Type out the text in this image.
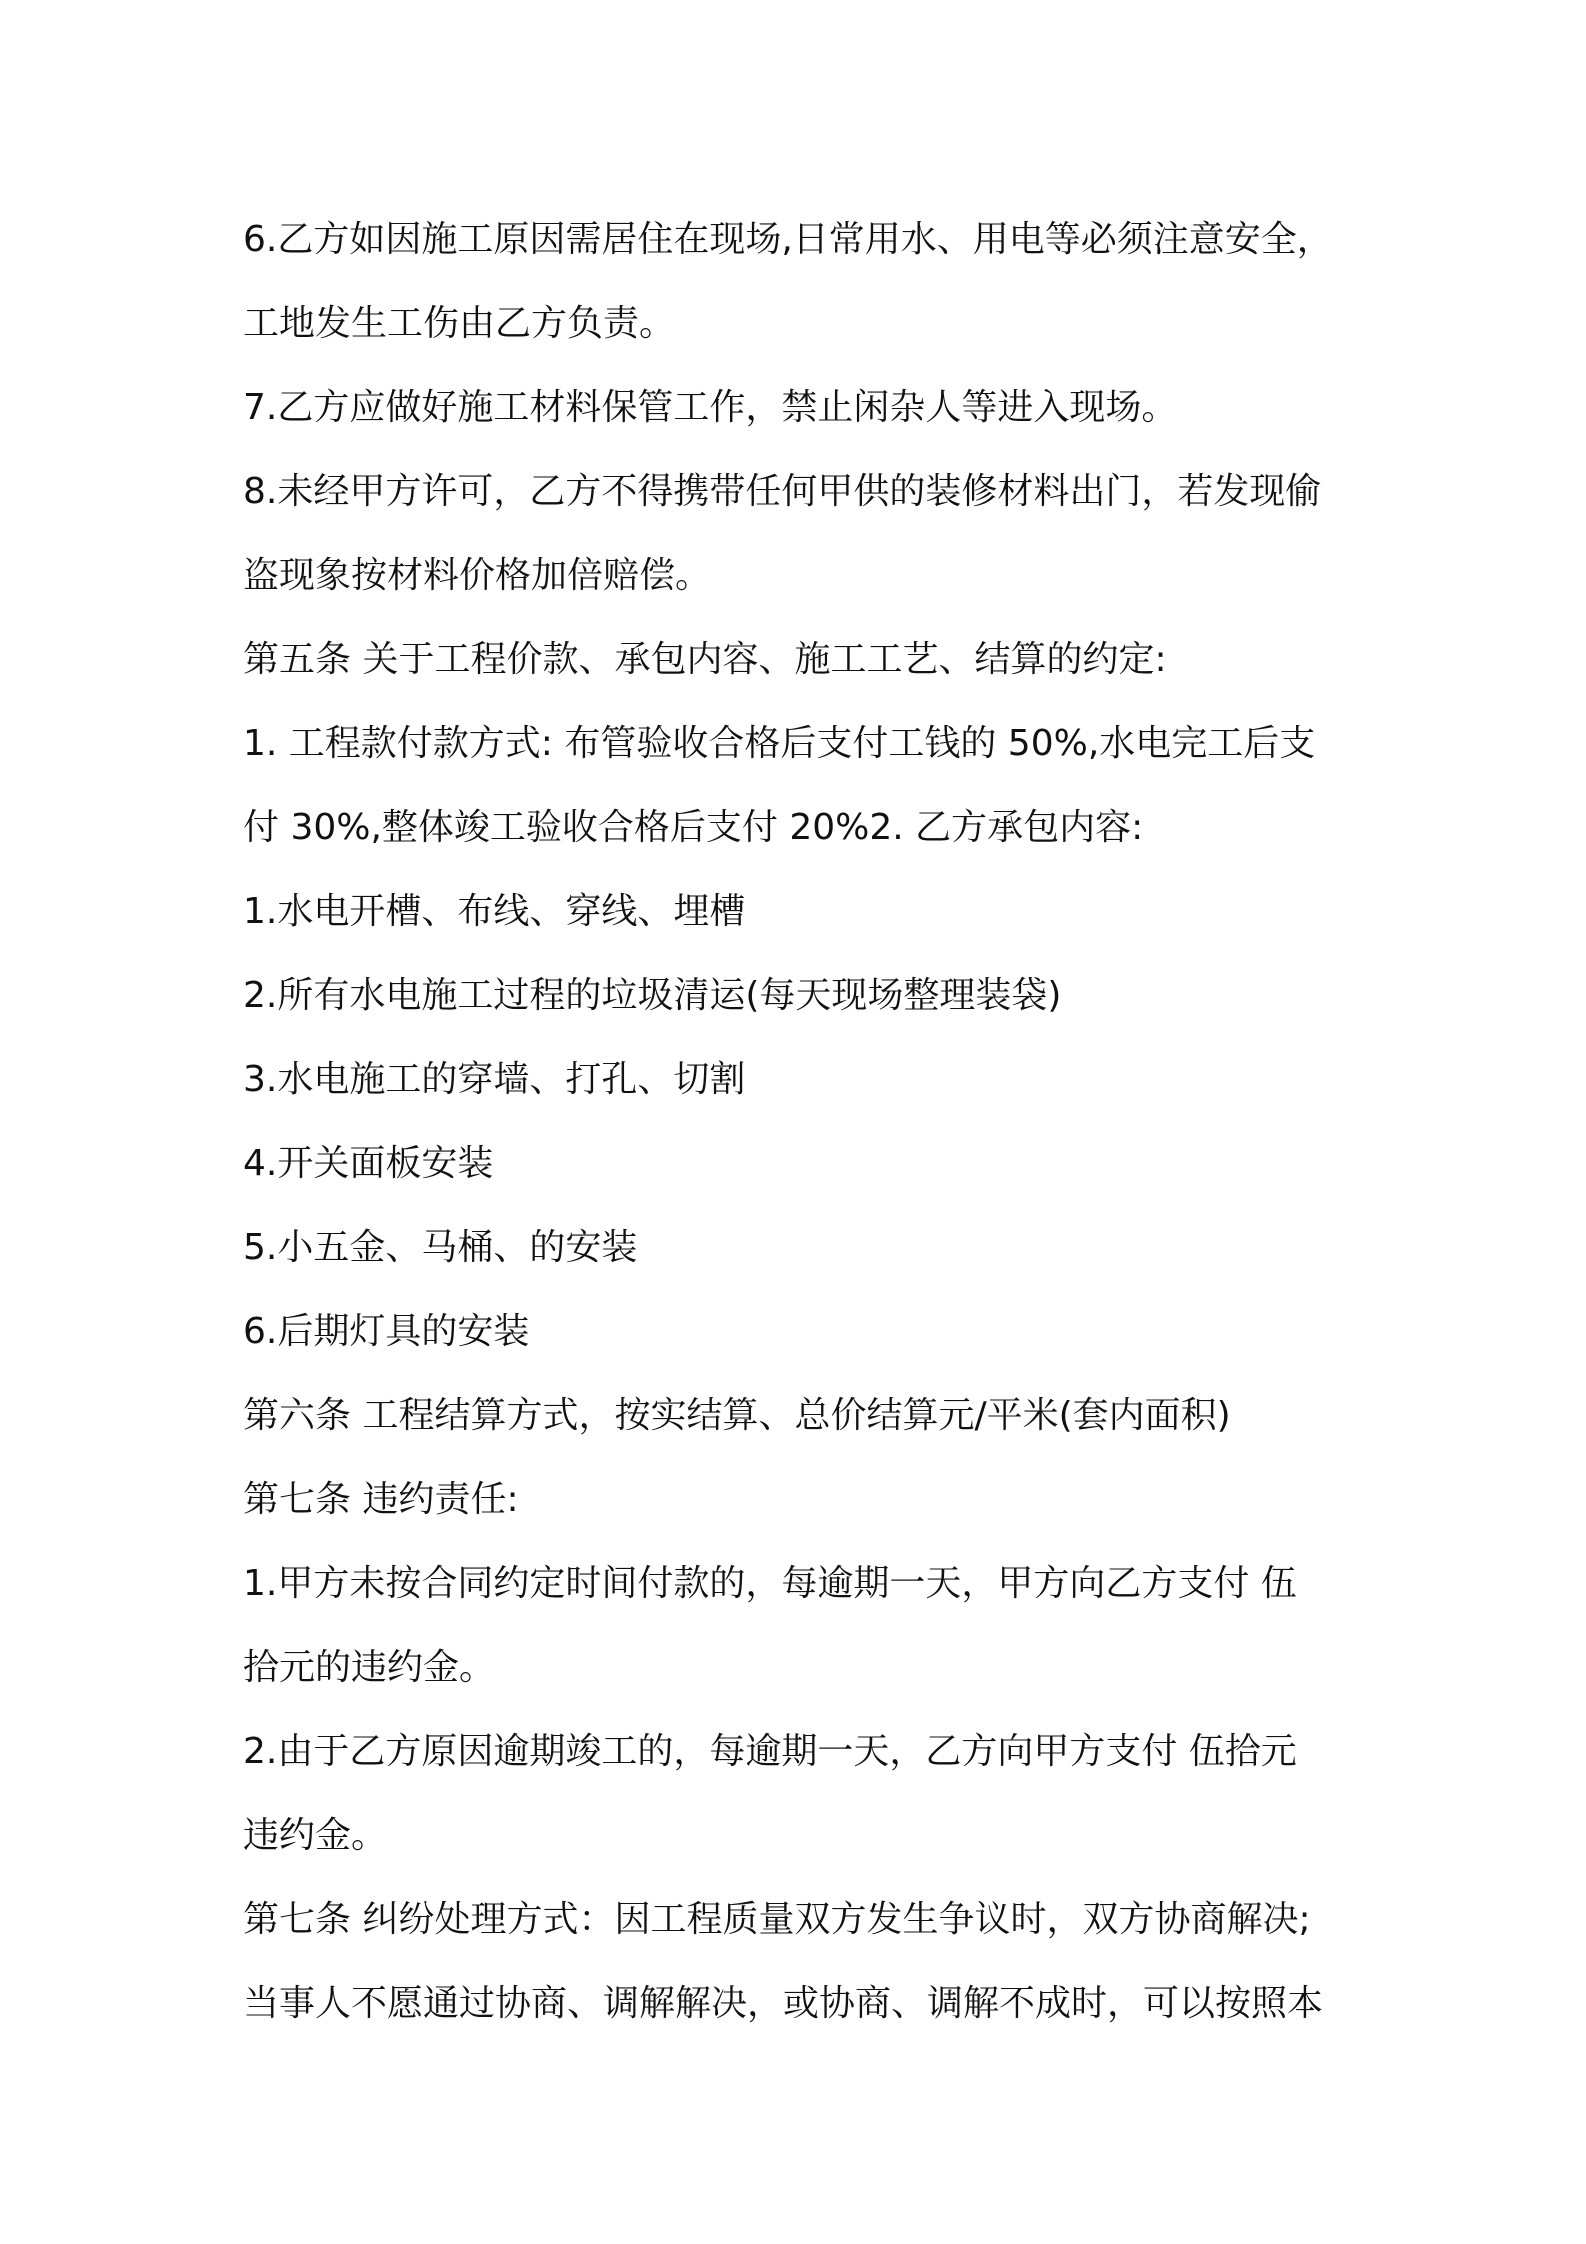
6.乙方如因施工原因需居住在现场,日常用水、用电等必须注意安全，
工地发生工伤由乙方负责。
7.乙方应做好施工材料保管工作，禁止闲杂人等进入现场。
8.未经甲方许可，乙方不得携带任何甲供的装修材料出门，若发现偷
盗现象按材料价格加倍赔偿。
第五条 关于工程价款、承包内容、施工工艺、结算的约定:
1. 工程款付款方式: 布管验收合格后支付工钱的 50%,水电完工后支
付 30%,整体竣工验收合格后支付 20%2. 乙方承包内容:
1.水电开槽、布线、穿线、埋槽
2.所有水电施工过程的垃圾清运(每天现场整理装袋)
3.水电施工的穿墙、打孔、切割
4.开关面板安装
5.小五金、马桶、的安装
6.后期灯具的安装
第六条 工程结算方式，按实结算、总价结算元/平米(套内面积)
第七条 违约责任:
1.甲方未按合同约定时间付款的，每逾期一天，甲方向乙方支付 伍
拾元的违约金。
2.由于乙方原因逾期竣工的，每逾期一天，乙方向甲方支付 伍拾元
违约金。
第七条 纠纷处理方式：因工程质量双方发生争议时，双方协商解决;
当事人不愿通过协商、调解解决，或协商、调解不成时，可以按照本
